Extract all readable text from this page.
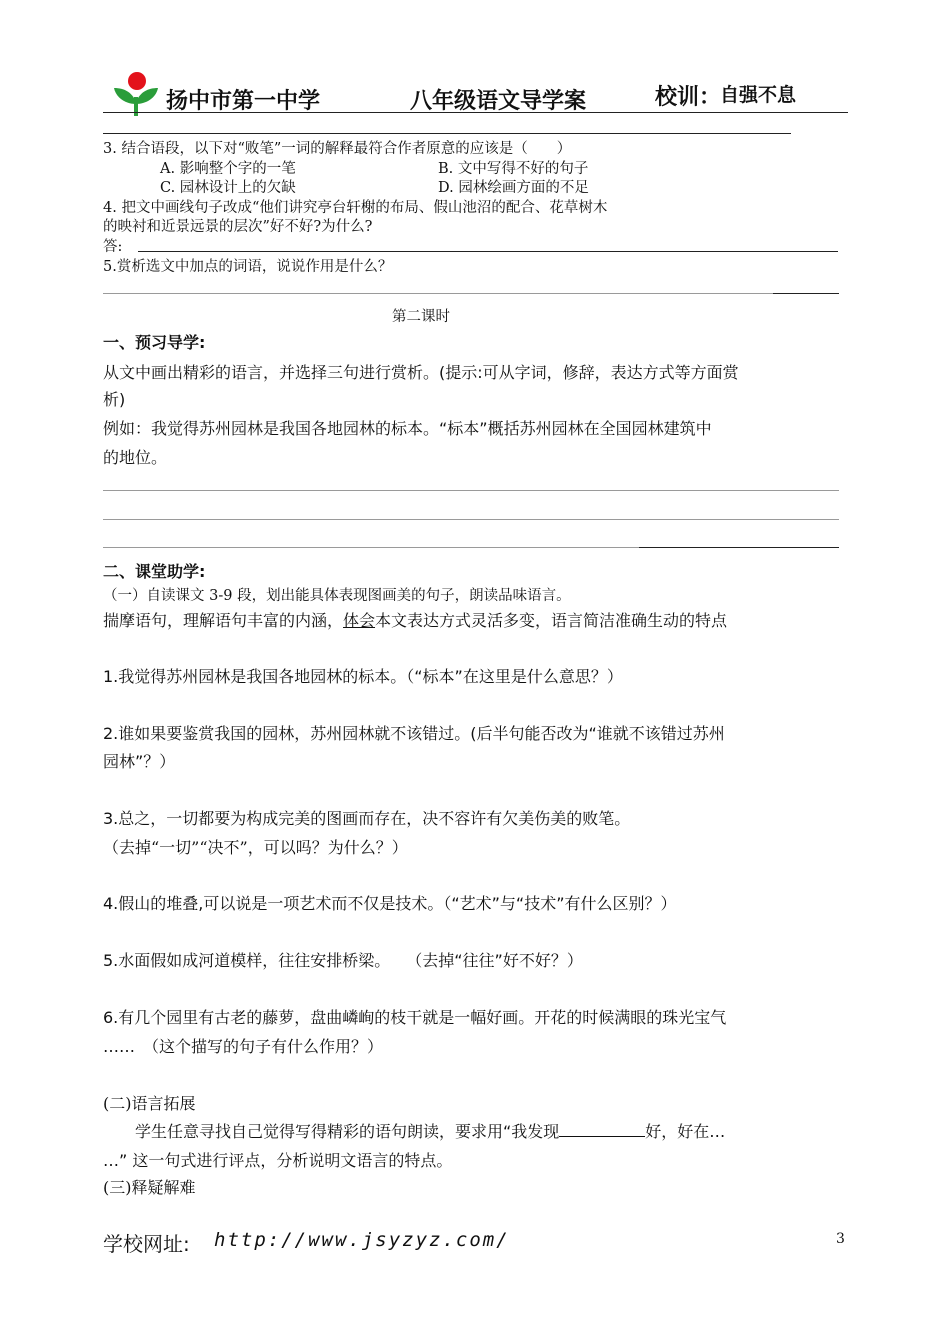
扬中市第一中学	八年级语文导学案	校训：
自强不息
3. 结合语段，以下对“败笔”一词的解释最符合作者原意的应该是（　　）
A. 影响整个字的一笔	B. 文中写得不好的句子
C. 园林设计上的欠缺	D. 园林绘画方面的不足
4. 把文中画线句子改成“他们讲究亭台轩榭的布局、假山池沼的配合、花草树木
的映衬和近景远景的层次”好不好?为什么?
答:
5.赏析选文中加点的词语，说说作用是什么？
第二课时
一、预习导学:
从文中画出精彩的语言，并选择三句进行赏析。(提示:可从字词，修辞，表达方式等方面赏
析)
例如：我觉得苏州园林是我国各地园林的标本。“标本”概括苏州园林在全国园林建筑中
的地位。
二、课堂助学:
（一）自读课文 3-9 段，划出能具体表现图画美的句子，朗读品味语言。
揣摩语句，理解语句丰富的内涵，体会本文表达方式灵活多变，语言简洁准确生动的特点
1.我觉得苏州园林是我国各地园林的标本。（“标本”在这里是什么意思？）
2.谁如果要鉴赏我国的园林，苏州园林就不该错过。(后半句能否改为“谁就不该错过苏州
园林”？）
3.总之，一切都要为构成完美的图画而存在，决不容许有欠美伤美的败笔。
（去掉“一切”“决不”，可以吗？为什么？）
4.假山的堆叠,可以说是一项艺术而不仅是技术。（“艺术”与“技术”有什么区别？）
5.水面假如成河道模样，往往安排桥梁。　　（去掉“往往”好不好？）
6.有几个园里有古老的藤萝，盘曲嶙峋的枝干就是一幅好画。开花的时候满眼的珠光宝气
……　（这个描写的句子有什么作用？）
(二)语言拓展
学生任意寻找自己觉得写得精彩的语句朗读，要求用“我发现	好，好在…
…” 这一句式进行评点，分析说明文语言的特点。
(三)释疑解难
学校网址: http://www.jsyzyz.com/	3
